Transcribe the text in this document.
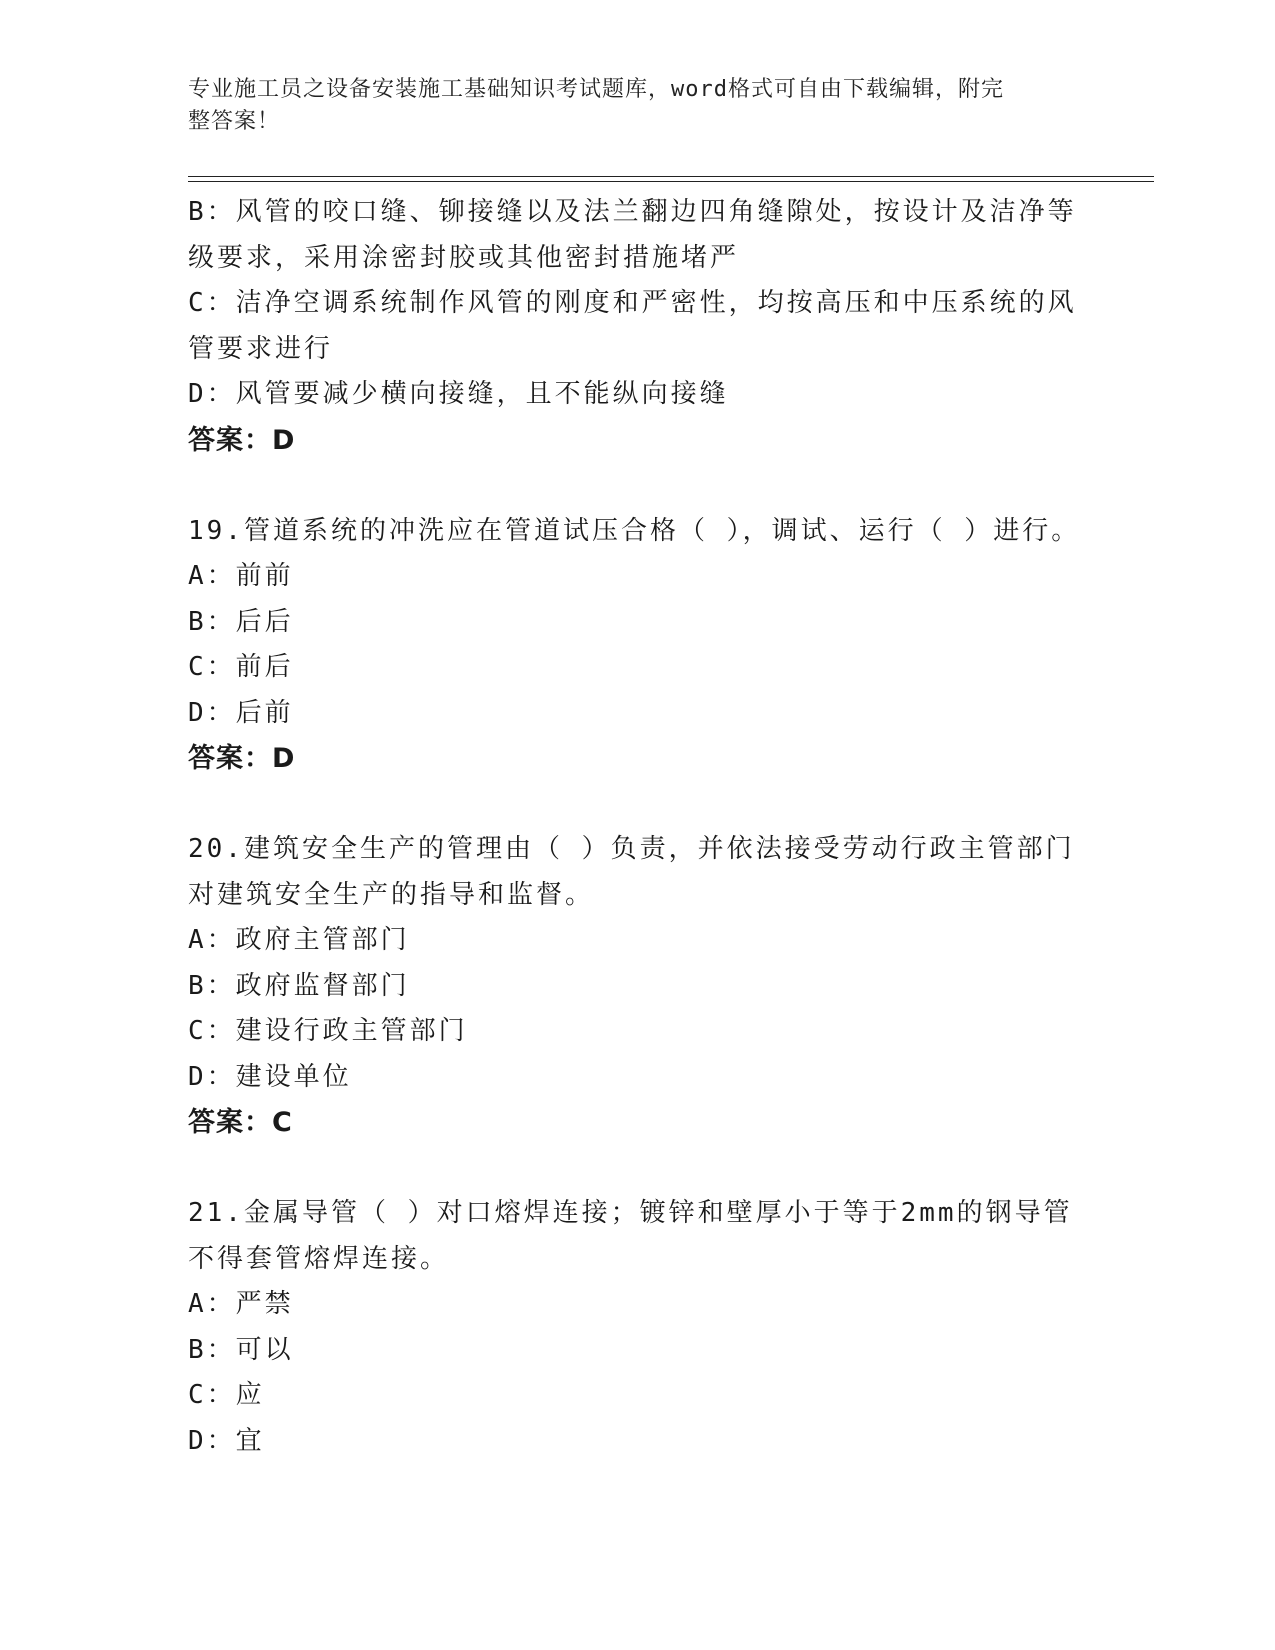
专业施工员之设备安装施工基础知识考试题库，word格式可自由下载编辑，附完
整答案！
B：风管的咬口缝、铆接缝以及法兰翻边四角缝隙处，按设计及洁净等
级要求，采用涂密封胶或其他密封措施堵严
C：洁净空调系统制作风管的刚度和严密性，均按高压和中压系统的风
管要求进行
D：风管要减少横向接缝，且不能纵向接缝
答案：D
19.管道系统的冲洗应在管道试压合格（ ），调试、运行（ ）进行。
A：前前
B：后后
C：前后
D：后前
答案：D
20.建筑安全生产的管理由（ ）负责，并依法接受劳动行政主管部门
对建筑安全生产的指导和监督。
A：政府主管部门
B：政府监督部门
C：建设行政主管部门
D：建设单位
答案：C
21.金属导管（ ）对口熔焊连接；镀锌和壁厚小于等于2mm的钢导管
不得套管熔焊连接。
A：严禁
B：可以
C：应
D：宜
